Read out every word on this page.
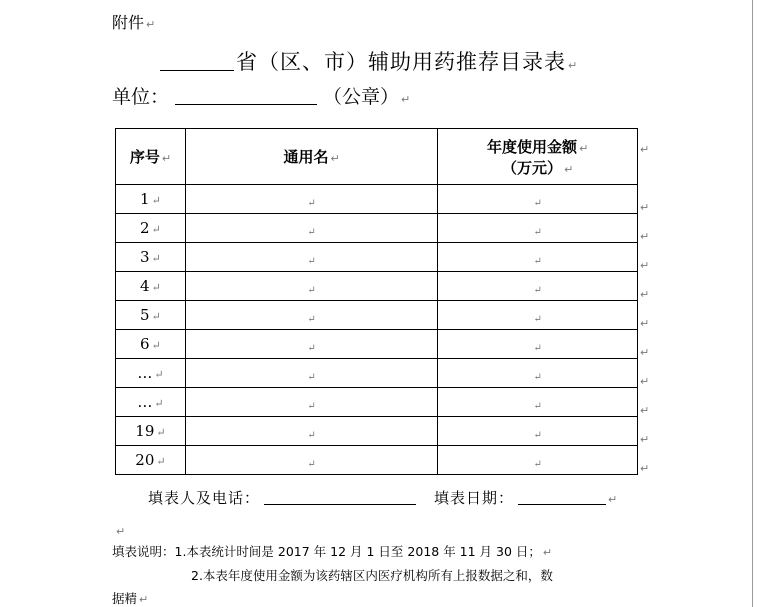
附件 ↵
省（区、市）辅助用药推荐目录表 ↵
单位：	（公章） ↵
序号 ↵	通用名 ↵	年度使用金额 ↵
（万元） ↵

1 ↵	↵	↵
2 ↵	↵	↵
3 ↵	↵	↵
4 ↵	↵	↵
5 ↵	↵	↵
6 ↵	↵	↵
… ↵	↵	↵
… ↵	↵	↵
19 ↵	↵	↵
20 ↵	↵	↵
↵
↵
↵
↵
↵
↵
↵
↵
↵
↵
↵
填表人及电话：	填表日期：	↵
↵
填表说明：1.本表统计时间是 2017 年 12 月 1 日至 2018 年 11 月 30 日； ↵
2.本表年度使用金额为该药辖区内医疗机构所有上报数据之和，数
据精 ↵
